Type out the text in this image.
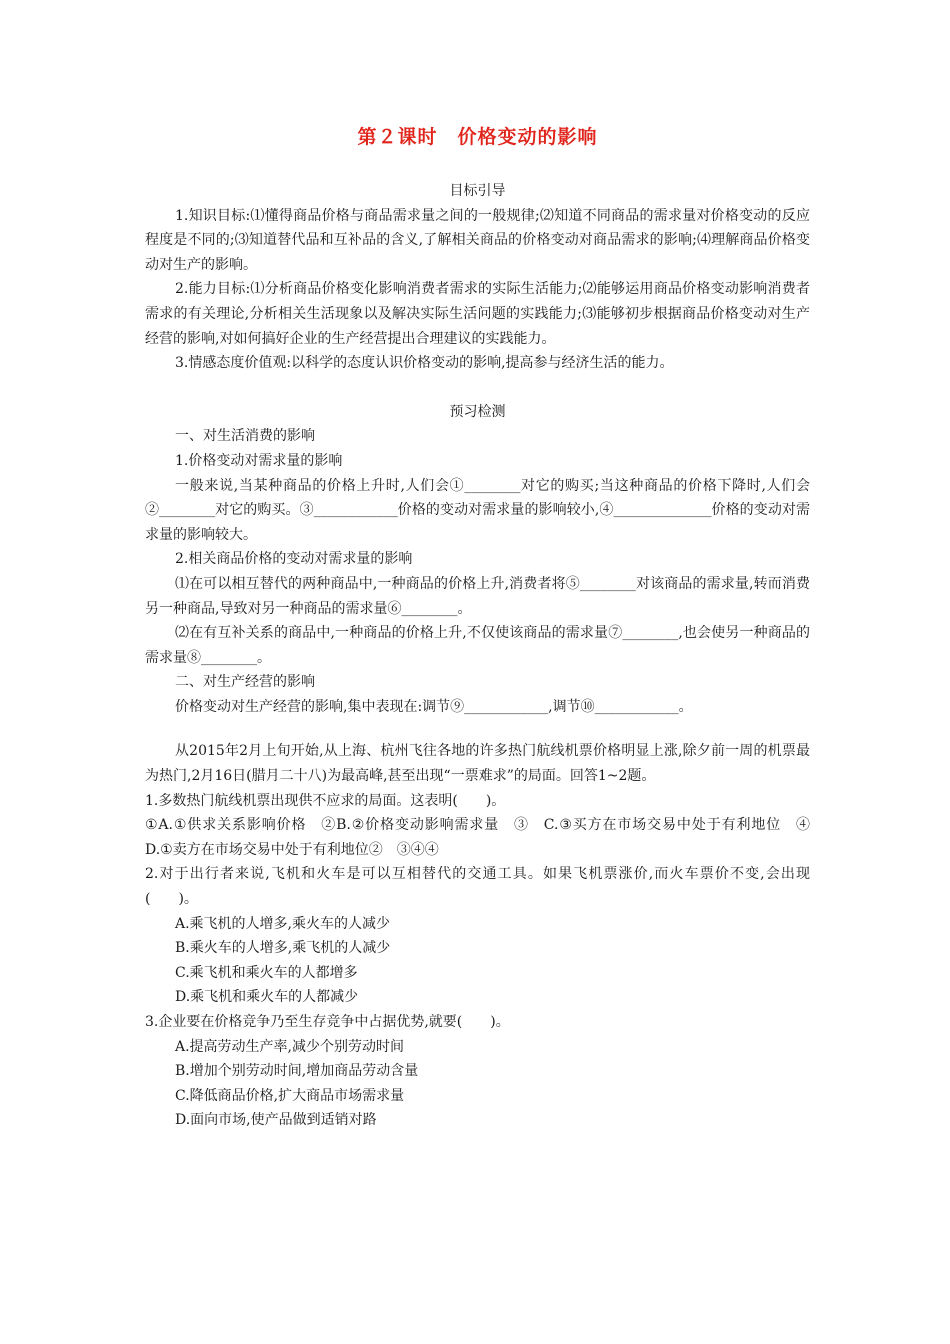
第２课时　价格变动的影响
目标引导

1.知识目标:⑴懂得商品价格与商品需求量之间的一般规律;⑵知道不同商品的需求量对价格变动的反应程度是不同的;⑶知道替代品和互补品的含义,了解相关商品的价格变动对商品需求的影响;⑷理解商品价格变动对生产的影响。

2.能力目标:⑴分析商品价格变化影响消费者需求的实际生活能力;⑵能够运用商品价格变动影响消费者需求的有关理论,分析相关生活现象以及解决实际生活问题的实践能力;⑶能够初步根据商品价格变动对生产经营的影响,对如何搞好企业的生产经营提出合理建议的实践能力。

3.情感态度价值观:以科学的态度认识价格变动的影响,提高参与经济生活的能力。

预习检测

一、对生活消费的影响

1.价格变动对需求量的影响

一般来说,当某种商品的价格上升时,人们会①________对它的购买;当这种商品的价格下降时,人们会②________对它的购买。③____________价格的变动对需求量的影响较小,④______________价格的变动对需求量的影响较大。

2.相关商品价格的变动对需求量的影响

⑴在可以相互替代的两种商品中,一种商品的价格上升,消费者将⑤________对该商品的需求量,转而消费另一种商品,导致对另一种商品的需求量⑥________。

⑵在有互补关系的商品中,一种商品的价格上升,不仅使该商品的需求量⑦________,也会使另一种商品的需求量⑧________。

二、对生产经营的影响

价格变动对生产经营的影响,集中表现在:调节⑨____________,调节⑩____________。

从2015年2月上旬开始,从上海、杭州飞往各地的许多热门航线机票价格明显上涨,除夕前一周的机票最为热门,2月16日(腊月二十八)为最高峰,甚至出现“一票难求”的局面。回答1~2题。

1.多数热门航线机票出现供不应求的局面。这表明(　　)。

①A.①供求关系影响价格　②B.②价格变动影响需求量　③　C.③买方在市场交易中处于有利地位　④　D.①卖方在市场交易中处于有利地位②　③④④

2.对于出行者来说,飞机和火车是可以互相替代的交通工具。如果飞机票涨价,而火车票价不变,会出现(　　)。

A.乘飞机的人增多,乘火车的人减少

B.乘火车的人增多,乘飞机的人减少

C.乘飞机和乘火车的人都增多

D.乘飞机和乘火车的人都减少

3.企业要在价格竞争乃至生存竞争中占据优势,就要(　　)。

A.提高劳动生产率,减少个别劳动时间

B.增加个别劳动时间,增加商品劳动含量

C.降低商品价格,扩大商品市场需求量

D.面向市场,使产品做到适销对路
